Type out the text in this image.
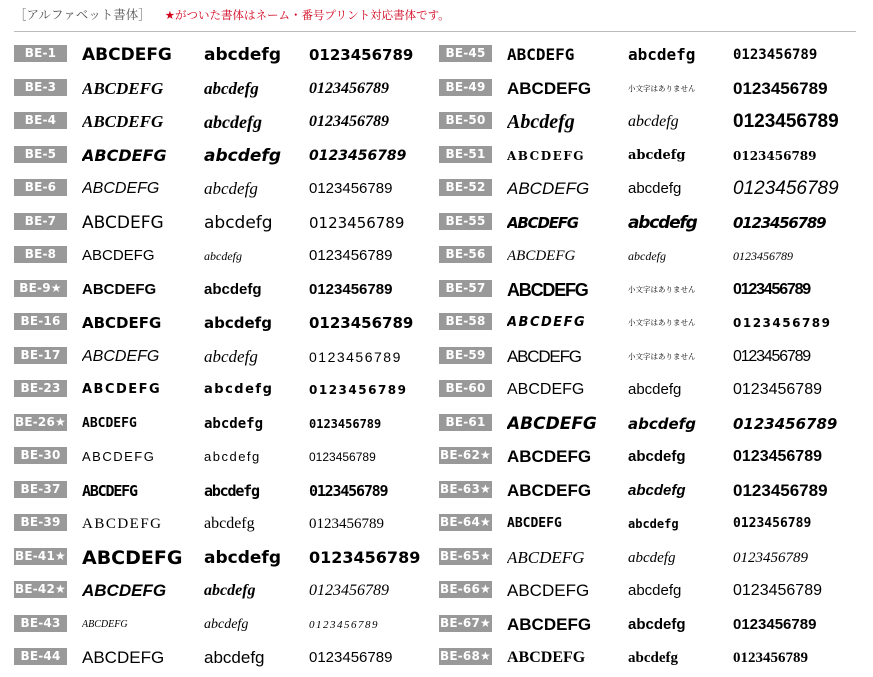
［アルファベット書体］ ★がついた書体はネーム・番号プリント対応書体です。
BE-1	ABCDEFG	abcdefg	0123456789	BE-45	ABCDEFG	abcdefg	0123456789
BE-3	ABCDEFG	abcdefg	0123456789	BE-49	ABCDEFG	小文字はありません	0123456789
BE-4	ABCDEFG	abcdefg	0123456789	BE-50	Abcdefg	abcdefg	0123456789
BE-5	ABCDEFG	abcdefg	0123456789	BE-51	ABCDEFG	abcdefg	0123456789
BE-6	ABCDEFG	abcdefg	0123456789	BE-52	ABCDEFG	abcdefg	0123456789
BE-7	ABCDEFG	abcdefg	0123456789	BE-55	ABCDEFG	abcdefg	0123456789
BE-8	ABCDEFG	abcdefg	0123456789	BE-56	ABCDEFG	abcdefg	0123456789
BE-9★	ABCDEFG	abcdefg	0123456789	BE-57	ABCDEFG	小文字はありません	0123456789
BE-16	ABCDEFG	abcdefg	0123456789	BE-58	ABCDEFG	小文字はありません	0123456789
BE-17	ABCDEFG	abcdefg	0123456789	BE-59	ABCDEFG	小文字はありません	0123456789
BE-23	ABCDEFG	abcdefg	0123456789	BE-60	ABCDEFG	abcdefg	0123456789
BE-26★ ABCDEFG	abcdefg	0123456789	BE-61	ABCDEFG	abcdefg	0123456789
BE-30	ABCDEFG	abcdefg	0123456789	BE-62★ ABCDEFG	abcdefg	0123456789
BE-37	ABCDEFG	abcdefg	0123456789	BE-63★ ABCDEFG	abcdefg	0123456789
BE-39	ABCDEFG	abcdefg	0123456789	BE-64★ ABCDEFG	abcdefg	0123456789
BE-41★ ABCDEFG	abcdefg	0123456789	BE-65★ ABCDEFG	abcdefg	0123456789
BE-42★ ABCDEFG	abcdefg	0123456789	BE-66★ ABCDEFG	abcdefg	0123456789
BE-43	ABCDEFG	abcdefg	0123456789	BE-67★ ABCDEFG	abcdefg	0123456789
BE-44	ABCDEFG	abcdefg	0123456789	BE-68★ ABCDEFG	abcdefg	0123456789
